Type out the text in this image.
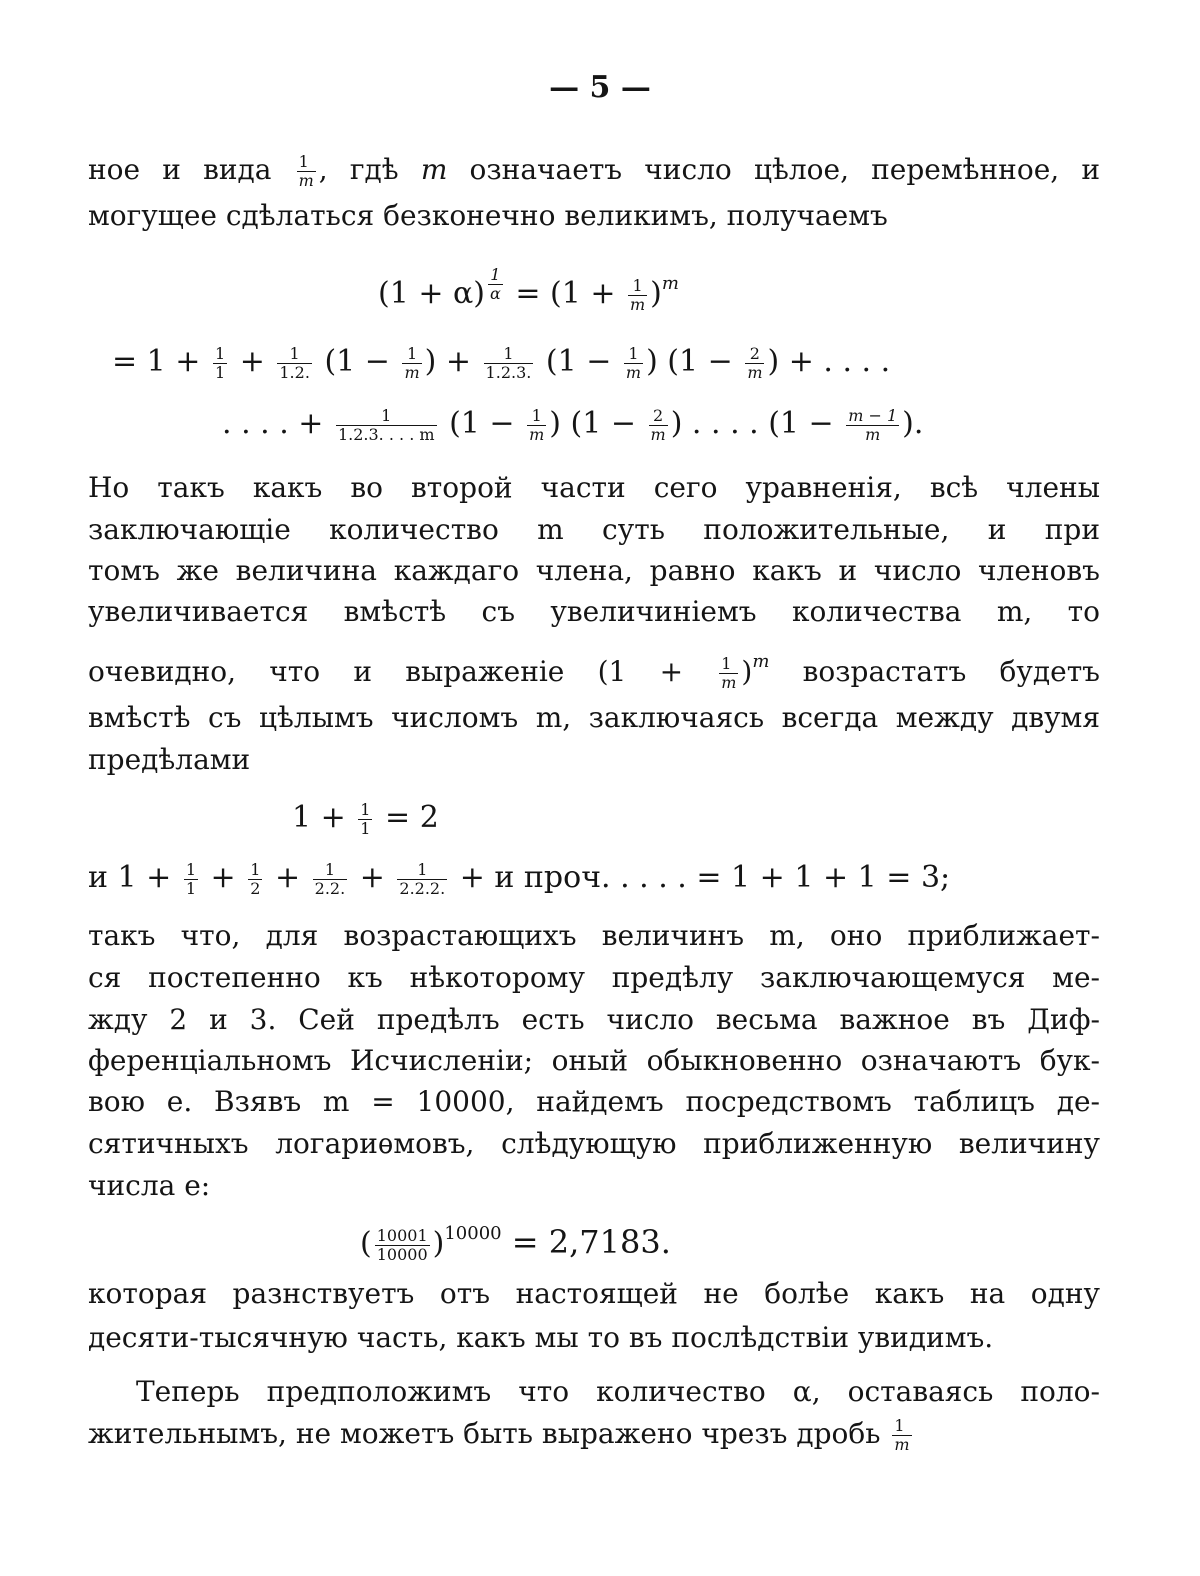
— 5 —
ное и вида $\frac{1}{m}$ , гдѣ m означаетъ число цѣлое, перемѣнное, и
могущее сдѣлаться безконечно великимъ, получаемъ
(1 + α) $^{\frac{1}{\alpha}} = (1 + \frac{1}{m} )^m$
= $1 + \frac{1}{1} + \frac{1}{1.2.} (1 - \frac{1}{m}$ ) + $\frac{1}{1.2.3.} (1 - \frac{1}{m}$ ) ($1 - \frac{2}{m}$ ) + . . . .
. . . . + $\frac{1}{1.2.3. . . . m} (1 - \frac{1}{m}$ ) ($1 - \frac{2}{m}$ ) . . . . ($1 - \frac{m - 1}{m}$ ).
Но такъ какъ во второй части сего уравненія, всѣ члены
заключающіе количество m суть положительные, и при
томъ же величина каждаго члена, равно какъ и число членовъ
увеличивается вмѣстѣ съ увеличиніемъ количества m, то
очевидно, что и выраженіе $(1 + \frac{1}{m} )^m$ возрастатъ будетъ
вмѣстѣ съ цѣлымъ числомъ m, заключаясь всегда между двумя
предѣлами
$1 + \frac{1}{1} = 2$
и $1 + \frac{1}{1} + \frac{1}{2} + \frac{1}{2.2.} + \frac{1}{2.2.2.} + и$ проч. . . . . = 1 + 1 + 1 = 3;
такъ что, для возрастающихъ величинъ m, оно приближает-
ся постепенно къ нѣкоторому предѣлу заключающемуся ме-
жду 2 и 3. Сей предѣлъ есть число весьма важное въ Диф-
ференціальномъ Исчисленіи; оный обыкновенно означаютъ бук-
вою e. Взявъ m = 10000, найдемъ посредствомъ таблицъ де-
сятичныхъ логариѳмовъ, слѣдующую приближенную величину
числа e:
( $\frac{10001}{10000} )^{10000} = 2,7183$.
которая разнствуетъ отъ настоящей не болѣе какъ на одну
десяти-тысячную часть, какъ мы то въ послѣдствіи увидимъ.
Теперь предположимъ что количество α, оставаясь поло-
жительнымъ, не можетъ быть выражено чрезъ дробь $\frac{1}{m}$
